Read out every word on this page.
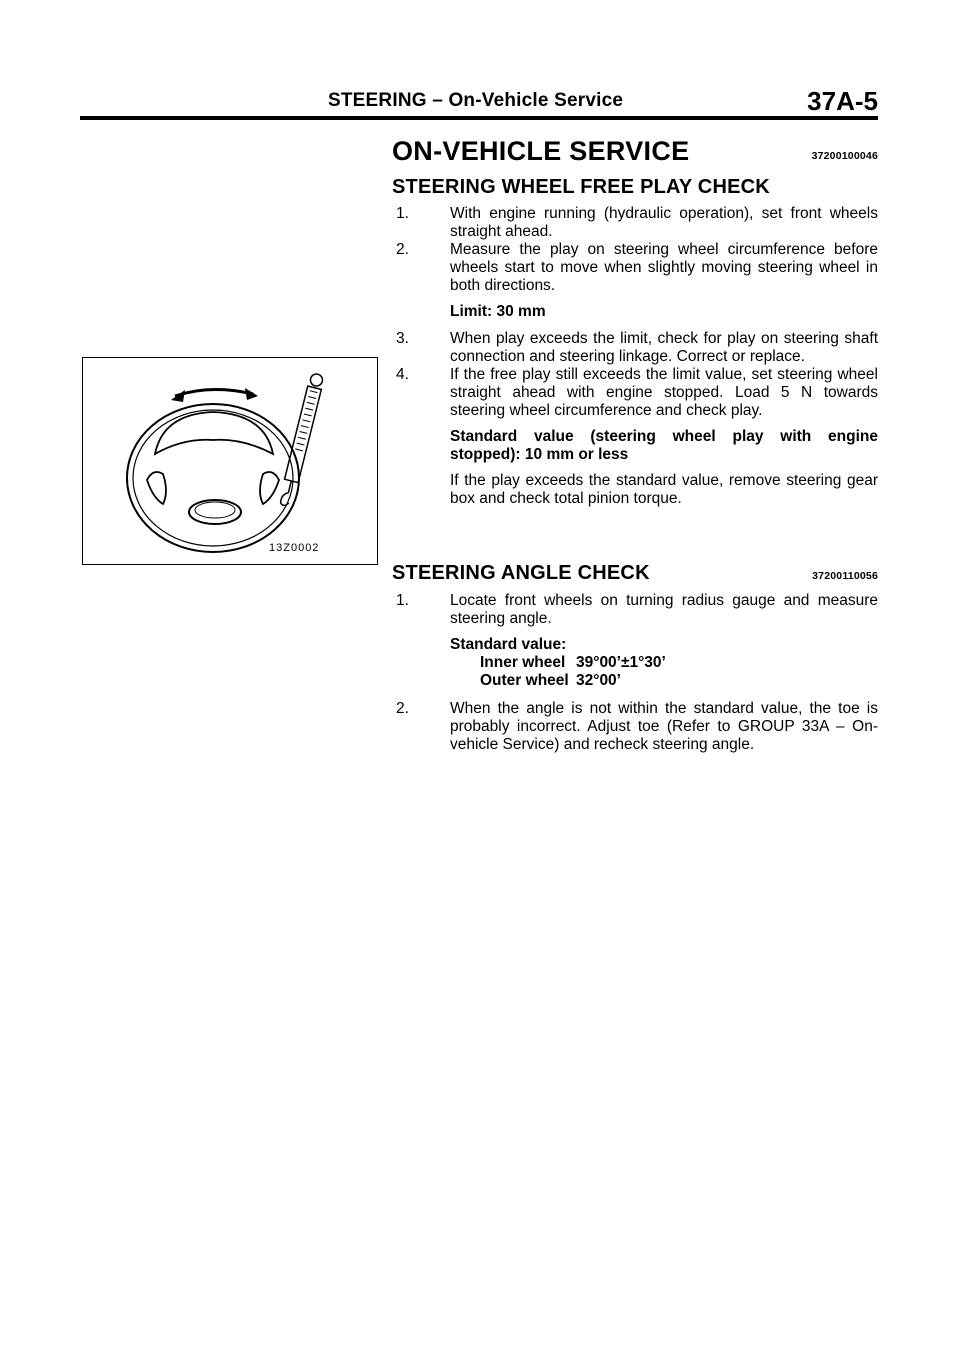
STEERING – On-Vehicle Service	37A-5
13Z0002
ON-VEHICLE SERVICE	37200100046
STEERING WHEEL FREE PLAY CHECK
1.	With engine running (hydraulic operation), set front wheels straight ahead.

2.	Measure the play on steering wheel circumference before wheels start to move when slightly moving steering wheel in both directions.

Limit: 30 mm

3.	When play exceeds the limit, check for play on steering shaft connection and steering linkage. Correct or replace.

4.	If the free play still exceeds the limit value, set steering wheel straight ahead with engine stopped. Load 5 N towards steering wheel circumference and check play.

Standard value (steering wheel play with engine stopped): 10 mm or less

If the play exceeds the standard value, remove steering gear box and check total pinion torque.

STEERING ANGLE CHECK	37200110056
1.	Locate front wheels on turning radius gauge and measure steering angle.

Standard value:

Inner wheel 39°00’±1°30’
Outer wheel 32°00’
2.	When the angle is not within the standard value, the toe is probably incorrect. Adjust toe (Refer to GROUP 33A – On-vehicle Service) and recheck steering angle.
